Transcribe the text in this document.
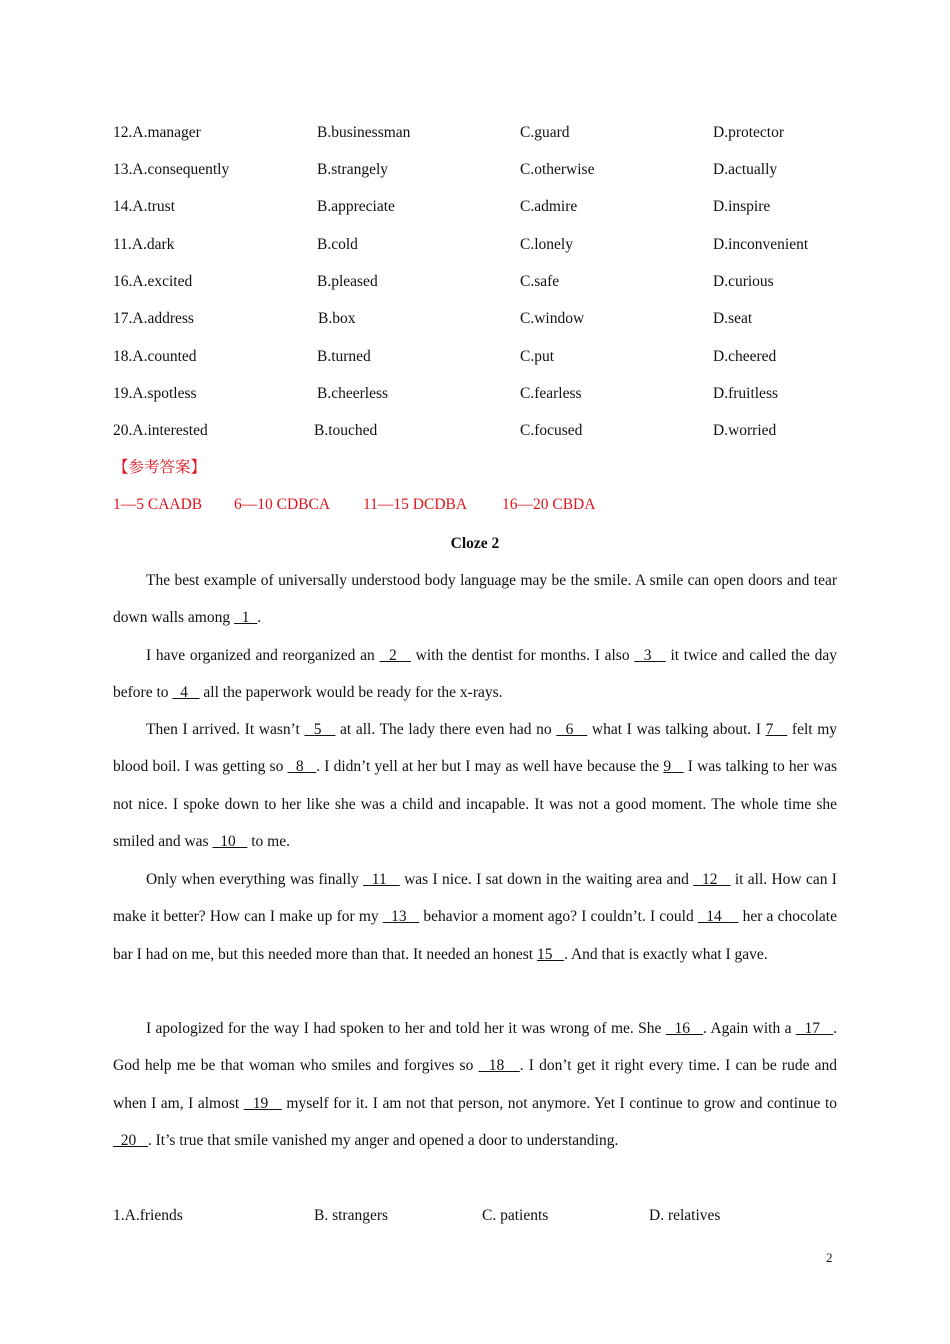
12.A.manager	B.businessman	C.guard	D.protector
13.A.consequently	B.strangely	C.otherwise	D.actually
14.A.trust	B.appreciate	C.admire	D.inspire
11.A.dark	B.cold	C.lonely	D.inconvenient
16.A.excited	B.pleased	C.safe	D.curious
17.A.address	B.box	C.window	D.seat
18.A.counted	B.turned	C.put	D.cheered
19.A.spotless	B.cheerless	C.fearless	D.fruitless
20.A.interested	B.touched	C.focused	D.worried
【参考答案】
1—5 CAADB 6—10 CDBCA 11—15 DCDBA 16—20 CBDA
Cloze 2

The best example of universally understood body language may be the smile. A smile can open doors and tear down walls among   1  .

I have organized and reorganized an   2    with the dentist for months. I also   3    it twice and called the day before to   4    all the paperwork would be ready for the x-rays.

Then I arrived. It wasn’t   5    at all. The lady there even had no   6    what I was talking about. I 7    felt my blood boil. I was getting so   8   . I didn’t yell at her but I may as well have because the 9    I was talking to her was not nice. I spoke down to her like she was a child and incapable. It was not a good moment. The whole time she smiled and was   10    to me.

Only when everything was finally   11    was I nice. I sat down in the waiting area and   12    it all. How can I make it better? How can I make up for my   13    behavior a moment ago? I couldn’t. I could   14     her a chocolate bar I had on me, but this needed more than that. It needed an honest 15   . And that is exactly what I gave.

I apologized for the way I had spoken to her and told her it was wrong of me. She   16   . Again with a   17   . God help me be that woman who smiles and forgives so   18   . I don’t get it right every time. I can be rude and when I am, I almost   19    myself for it. I am not that person, not anymore. Yet I continue to grow and continue to   20   . It’s true that smile vanished my anger and opened a door to understanding.

1.A.friends	B. strangers	C. patients	D. relatives
2
